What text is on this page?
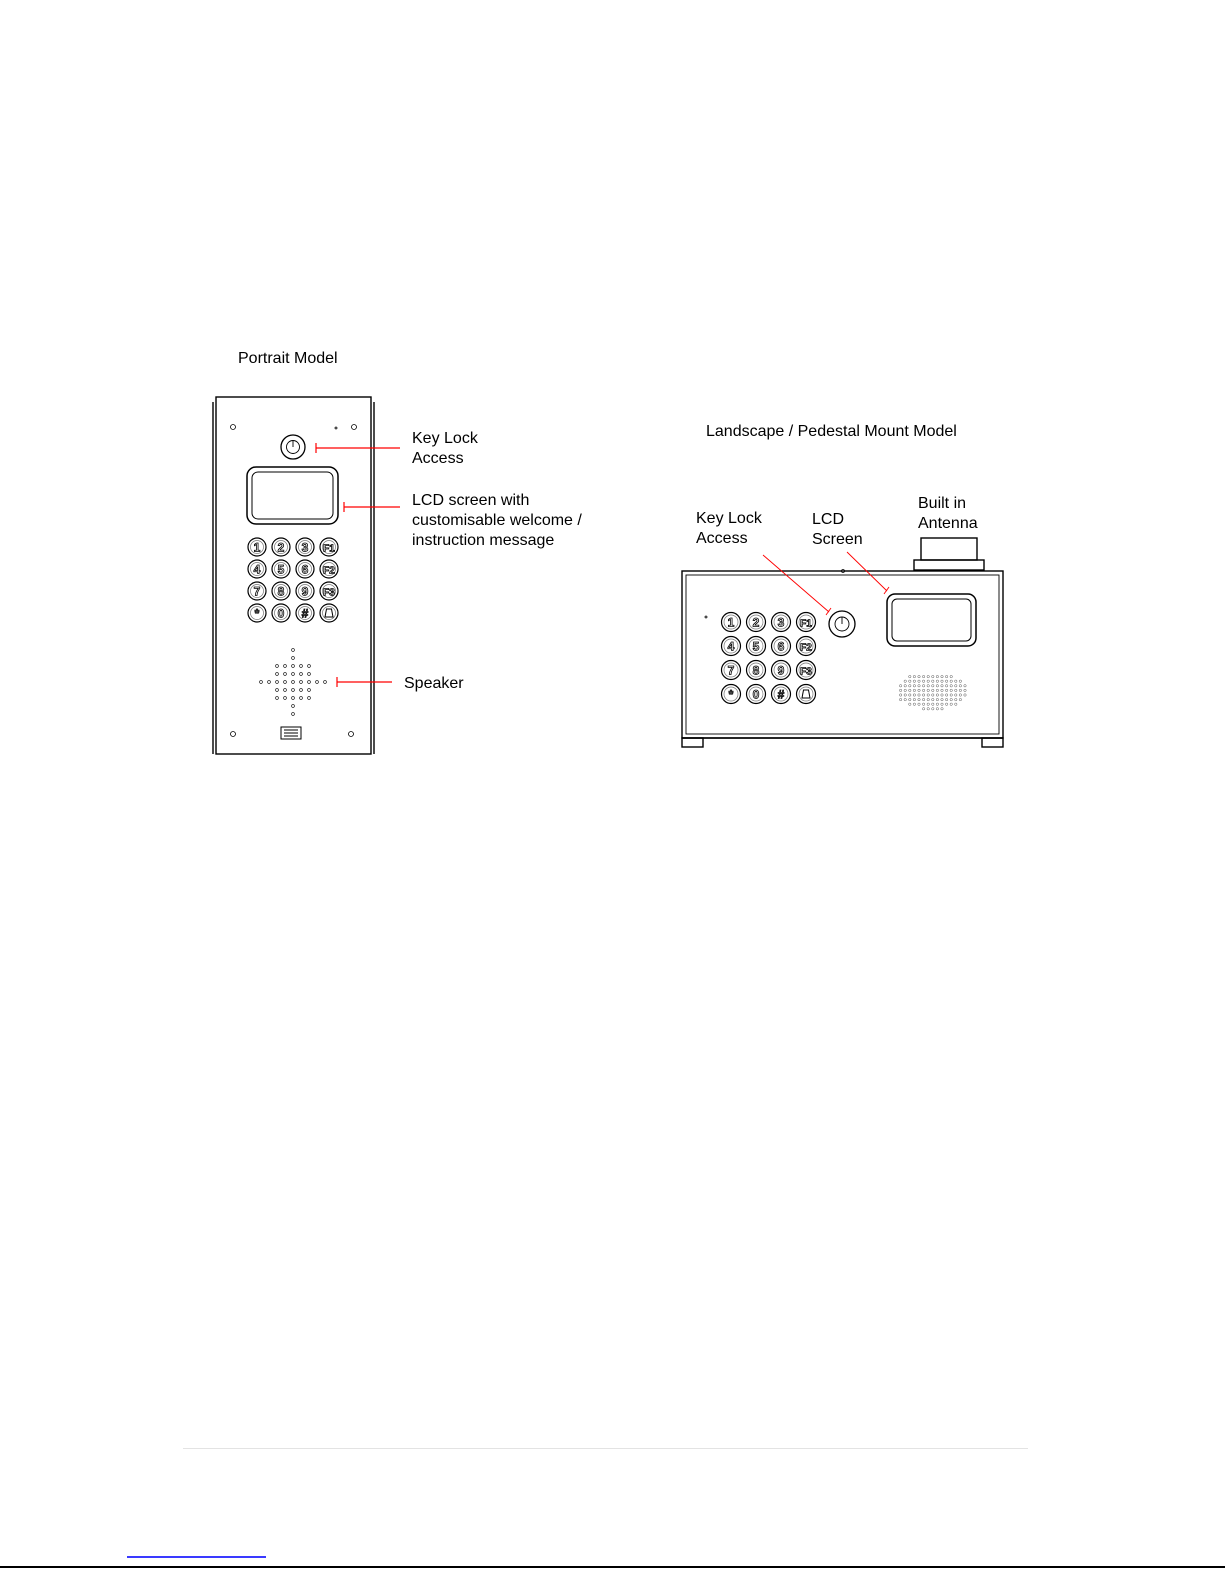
Portrait Model
Key Lock
Access
LCD screen with
customisable welcome /
instruction message
Speaker
Landscape / Pedestal Mount Model
Key Lock
Access
LCD
Screen
Built in
Antenna
1 2 3 F1
4 5 6 F2
7 8 9 F3
* 0 #
1 2 3 F1
4 5 6 F2
7 8 9 F3
* 0 #
